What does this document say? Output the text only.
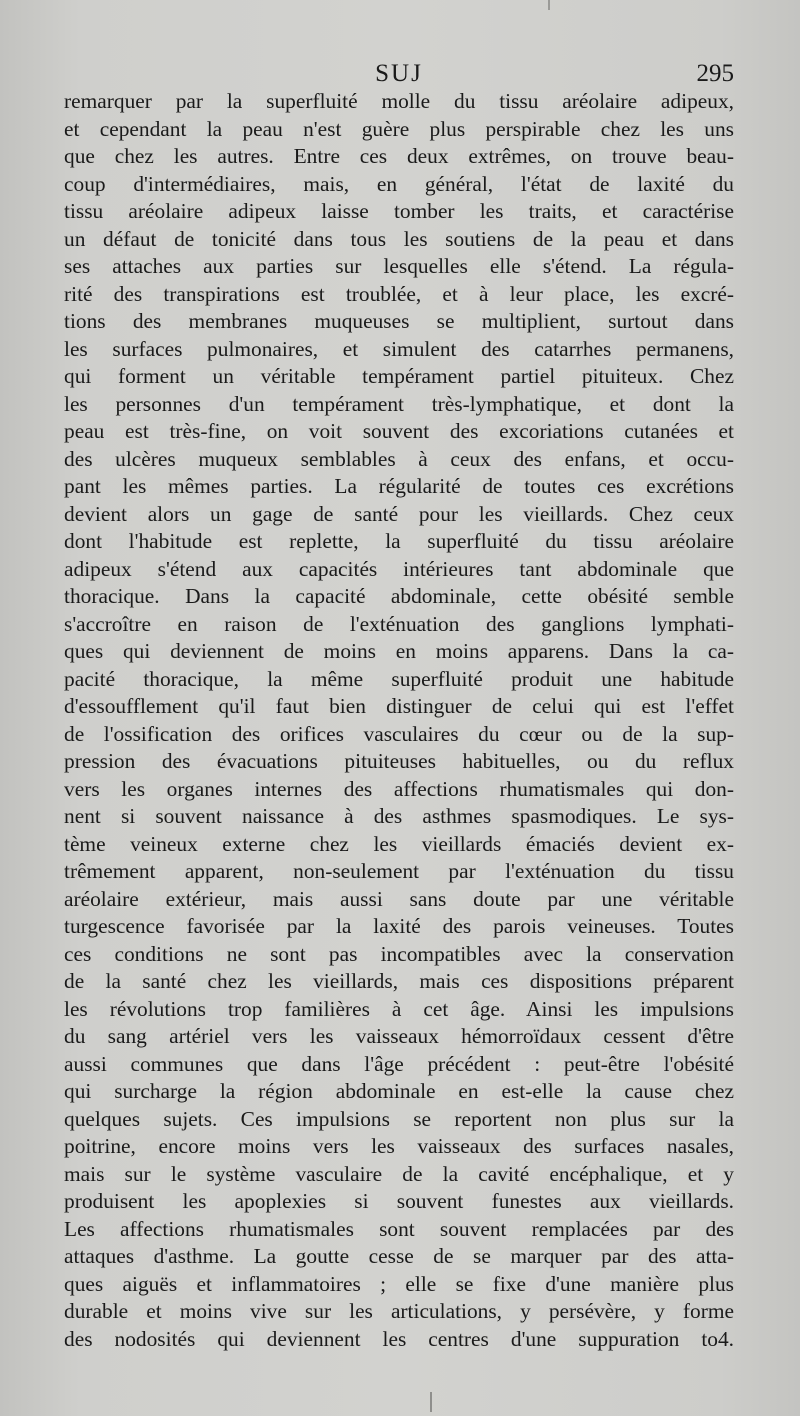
SUJ	295
remarquer par la superfluité molle du tissu aréolaire adipeux,
et cependant la peau n'est guère plus perspirable chez les uns
que chez les autres. Entre ces deux extrêmes, on trouve beau-
coup d'intermédiaires, mais, en général, l'état de laxité du
tissu aréolaire adipeux laisse tomber les traits, et caractérise
un défaut de tonicité dans tous les soutiens de la peau et dans
ses attaches aux parties sur lesquelles elle s'étend. La régula-
rité des transpirations est troublée, et à leur place, les excré-
tions des membranes muqueuses se multiplient, surtout dans
les surfaces pulmonaires, et simulent des catarrhes permanens,
qui forment un véritable tempérament partiel pituiteux. Chez
les personnes d'un tempérament très-lymphatique, et dont la
peau est très-fine, on voit souvent des excoriations cutanées et
des ulcères muqueux semblables à ceux des enfans, et occu-
pant les mêmes parties. La régularité de toutes ces excrétions
devient alors un gage de santé pour les vieillards. Chez ceux
dont l'habitude est replette, la superfluité du tissu aréolaire
adipeux s'étend aux capacités intérieures tant abdominale que
thoracique. Dans la capacité abdominale, cette obésité semble
s'accroître en raison de l'exténuation des ganglions lymphati-
ques qui deviennent de moins en moins apparens. Dans la ca-
pacité thoracique, la même superfluité produit une habitude
d'essoufflement qu'il faut bien distinguer de celui qui est l'effet
de l'ossification des orifices vasculaires du cœur ou de la sup-
pression des évacuations pituiteuses habituelles, ou du reflux
vers les organes internes des affections rhumatismales qui don-
nent si souvent naissance à des asthmes spasmodiques. Le sys-
tème veineux externe chez les vieillards émaciés devient ex-
trêmement apparent, non-seulement par l'exténuation du tissu
aréolaire extérieur, mais aussi sans doute par une véritable
turgescence favorisée par la laxité des parois veineuses. Toutes
ces conditions ne sont pas incompatibles avec la conservation
de la santé chez les vieillards, mais ces dispositions préparent
les révolutions trop familières à cet âge. Ainsi les impulsions
du sang artériel vers les vaisseaux hémorroïdaux cessent d'être
aussi communes que dans l'âge précédent : peut-être l'obésité
qui surcharge la région abdominale en est-elle la cause chez
quelques sujets. Ces impulsions se reportent non plus sur la
poitrine, encore moins vers les vaisseaux des surfaces nasales,
mais sur le système vasculaire de la cavité encéphalique, et y
produisent les apoplexies si souvent funestes aux vieillards.
Les affections rhumatismales sont souvent remplacées par des
attaques d'asthme. La goutte cesse de se marquer par des atta-
ques aiguës et inflammatoires ; elle se fixe d'une manière plus
durable et moins vive sur les articulations, y persévère, y forme
des nodosités qui deviennent les centres d'une suppuration to4.
